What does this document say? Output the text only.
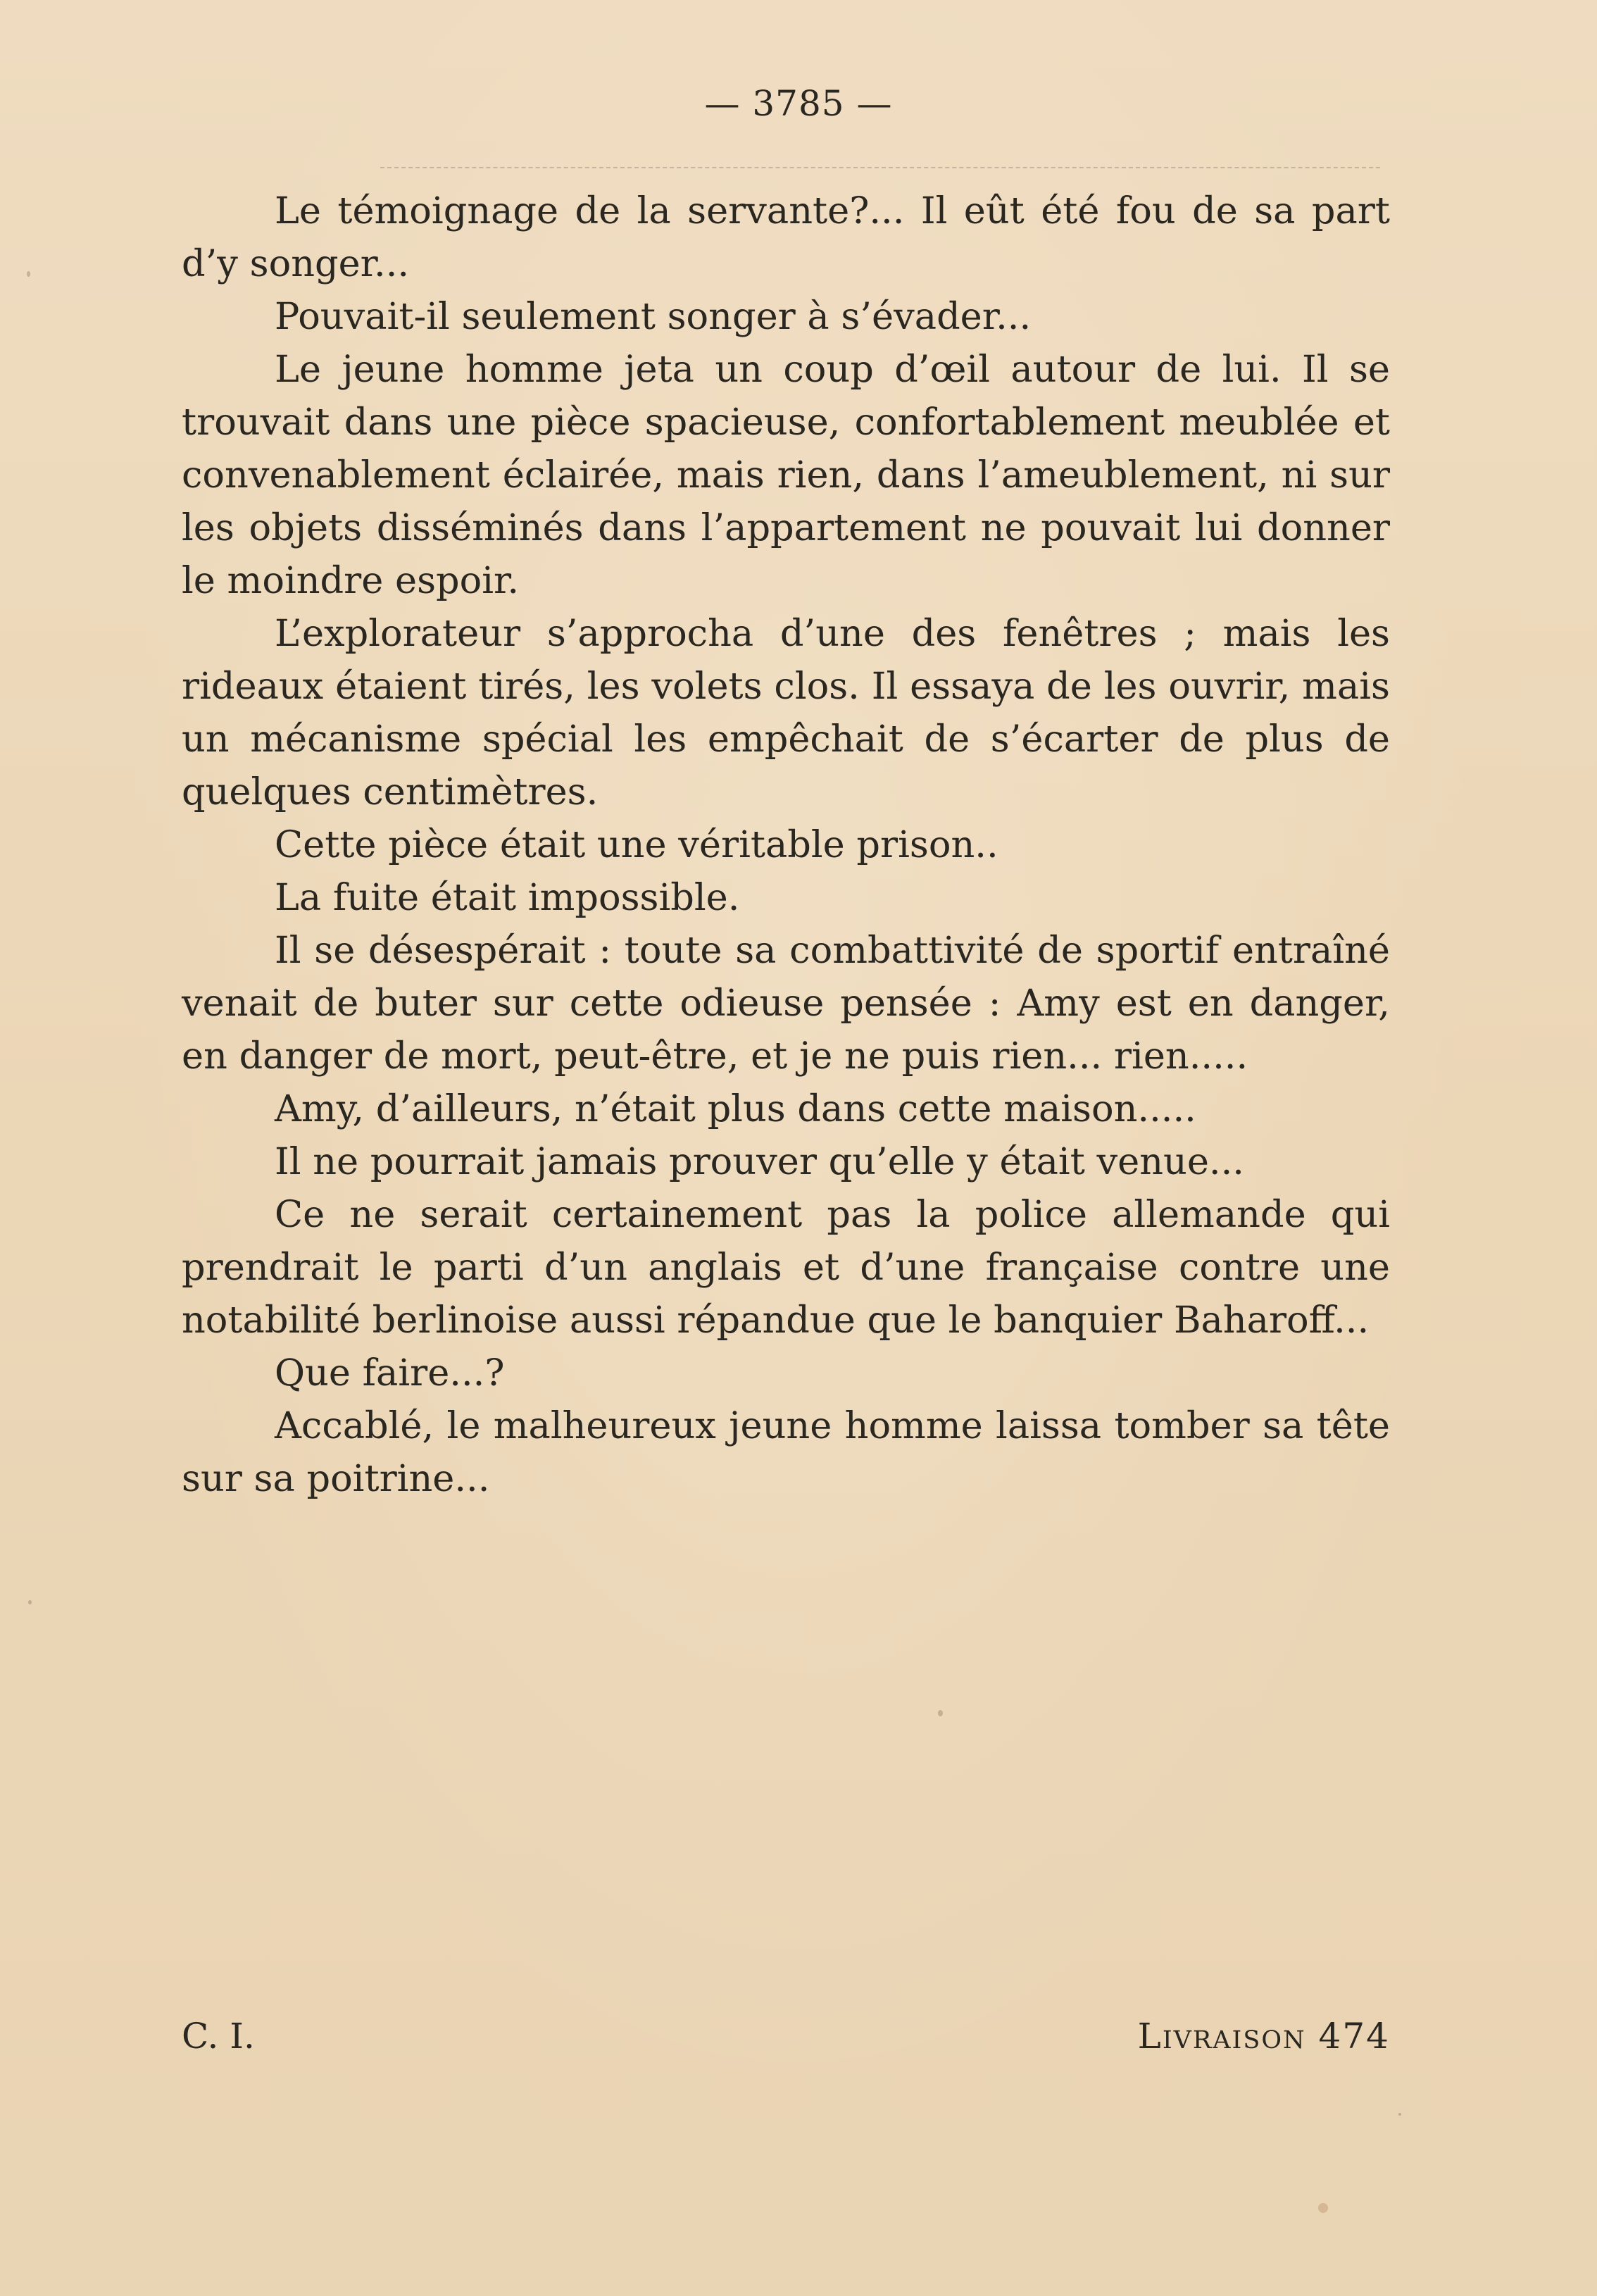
— 3785 —

Le témoignage de la servante?... Il eût été fou de sa part d’y songer...

Pouvait-il seulement songer à s’évader...

Le jeune homme jeta un coup d’œil autour de lui. Il se trouvait dans une pièce spacieuse, confortablement meublée et convenablement éclairée, mais rien, dans l’ameublement, ni sur les objets disséminés dans l’appartement ne pouvait lui donner le moindre espoir.

L’explorateur s’approcha d’une des fenêtres ; mais les rideaux étaient tirés, les volets clos. Il essaya de les ouvrir, mais un mécanisme spécial les empêchait de s’écarter de plus de quelques centimètres.

Cette pièce était une véritable prison..

La fuite était impossible.

Il se désespérait : toute sa combattivité de sportif entraîné venait de buter sur cette odieuse pensée : Amy est en danger, en danger de mort, peut-être, et je ne puis rien... rien.....

Amy, d’ailleurs, n’était plus dans cette maison.....

Il ne pourrait jamais prouver qu’elle y était venue...

Ce ne serait certainement pas la police allemande qui prendrait le parti d’un anglais et d’une française contre une notabilité berlinoise aussi répandue que le banquier Baharoff...

Que faire...?

Accablé, le malheureux jeune homme laissa tomber sa tête sur sa poitrine...

C. I.	Livraison 474
